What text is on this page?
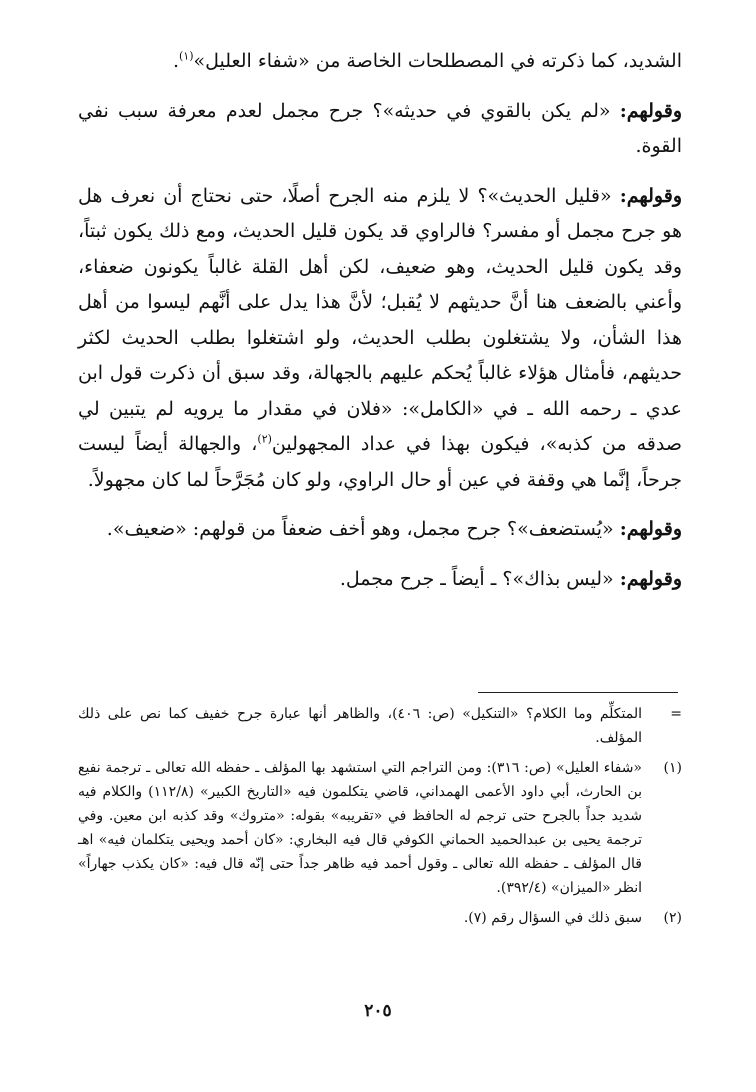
الشديد، كما ذكرته في المصطلحات الخاصة من «شفاء العليل»$^{(١)}$.

وقولهم: «لم يكن بالقوي في حديثه»؟ جرح مجمل لعدم معرفة سبب نفي القوة.

وقولهم: «قليل الحديث»؟ لا يلزم منه الجرح أصلًا، حتى نحتاج أن نعرف هل هو جرح مجمل أو مفسر؟ فالراوي قد يكون قليل الحديث، ومع ذلك يكون ثبتاً، وقد يكون قليل الحديث، وهو ضعيف، لكن أهل القلة غالباً يكونون ضعفاء، وأعني بالضعف هنا أنَّ حديثهم لا يُقبل؛ لأنَّ هذا يدل على أنَّهم ليسوا من أهل هذا الشأن، ولا يشتغلون بطلب الحديث، ولو اشتغلوا بطلب الحديث لكثر حديثهم، فأمثال هؤلاء غالباً يُحكم عليهم بالجهالة، وقد سبق أن ذكرت قول ابن عدي ـ رحمه الله ـ في «الكامل»: «فلان في مقدار ما يرويه لم يتبين لي صدقه من كذبه»، فيكون بهذا في عداد المجهولين$^{(٢)}$، والجهالة أيضاً ليست جرحاً، إنَّما هي وقفة في عين أو حال الراوي، ولو كان مُجَرَّحاً لما كان مجهولاً.

وقولهم: «يُستضعف»؟ جرح مجمل، وهو أخف ضعفاً من قولهم: «ضعيف».

وقولهم: «ليس بذاك»؟ ـ أيضاً ـ جرح مجمل.

=
المتكلِّم وما الكلام؟ «التنكيل» (ص: ٤٠٦)، والظاهر أنها عبارة جرح خفيف كما نص على ذلك المؤلف.
(١)
«شفاء العليل» (ص: ٣١٦): ومن التراجم التي استشهد بها المؤلف ـ حفظه الله تعالى ـ ترجمة نفيع بن الحارث، أبي داود الأعمى الهمداني، قاضي يتكلمون فيه «التاريخ الكبير» (١١٢/٨) والكلام فيه شديد جداً بالجرح حتى ترجم له الحافظ في «تقريبه» بقوله: «متروك» وقد كذبه ابن معين. وفي ترجمة يحيى بن عبدالحميد الحماني الكوفي قال فيه البخاري: «كان أحمد ويحيى يتكلمان فيه» اهـ قال المؤلف ـ حفظه الله تعالى ـ وقول أحمد فيه ظاهر جداً حتى إنّه قال فيه: «كان يكذب جهاراً» انظر «الميزان» (٣٩٢/٤).
(٢)
سبق ذلك في السؤال رقم (٧).
٢٠٥
